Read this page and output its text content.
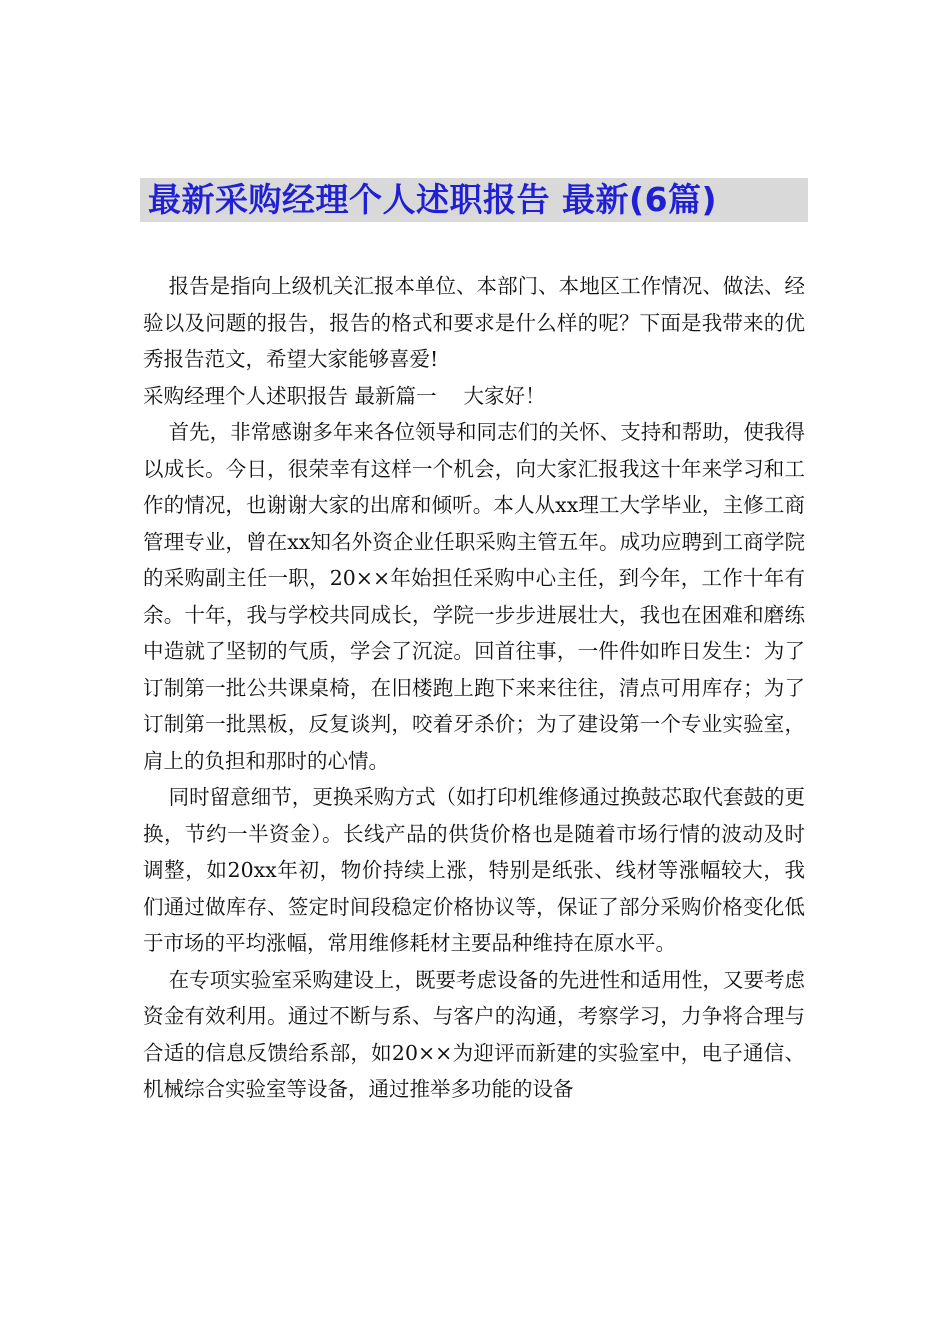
最新采购经理个人述职报告 最新(6篇)

报告是指向上级机关汇报本单位、本部门、本地区工作情况、做法、经验以及问题的报告，报告的格式和要求是什么样的呢？下面是我带来的优秀报告范文，希望大家能够喜爱!

采购经理个人述职报告 最新篇一　 大家好！

首先，非常感谢多年来各位领导和同志们的关怀、支持和帮助，使我得以成长。今日，很荣幸有这样一个机会，向大家汇报我这十年来学习和工作的情况，也谢谢大家的出席和倾听。本人从xx理工大学毕业，主修工商管理专业，曾在xx知名外资企业任职采购主管五年。成功应聘到工商学院的采购副主任一职，20××年始担任采购中心主任，到今年，工作十年有余。十年，我与学校共同成长，学院一步步进展壮大，我也在困难和磨练中造就了坚韧的气质，学会了沉淀。回首往事，一件件如昨日发生：为了订制第一批公共课桌椅，在旧楼跑上跑下来来往往，清点可用库存；为了订制第一批黑板，反复谈判，咬着牙杀价；为了建设第一个专业实验室，肩上的负担和那时的心情。

同时留意细节，更换采购方式（如打印机维修通过换鼓芯取代套鼓的更换，节约一半资金）。长线产品的供货价格也是随着市场行情的波动及时调整，如20xx年初，物价持续上涨，特别是纸张、线材等涨幅较大，我们通过做库存、签定时间段稳定价格协议等，保证了部分采购价格变化低于市场的平均涨幅，常用维修耗材主要品种维持在原水平。

在专项实验室采购建设上，既要考虑设备的先进性和适用性，又要考虑资金有效利用。通过不断与系、与客户的沟通，考察学习，力争将合理与合适的信息反馈给系部，如20××为迎评而新建的实验室中，电子通信、机械综合实验室等设备，通过推举多功能的设备
